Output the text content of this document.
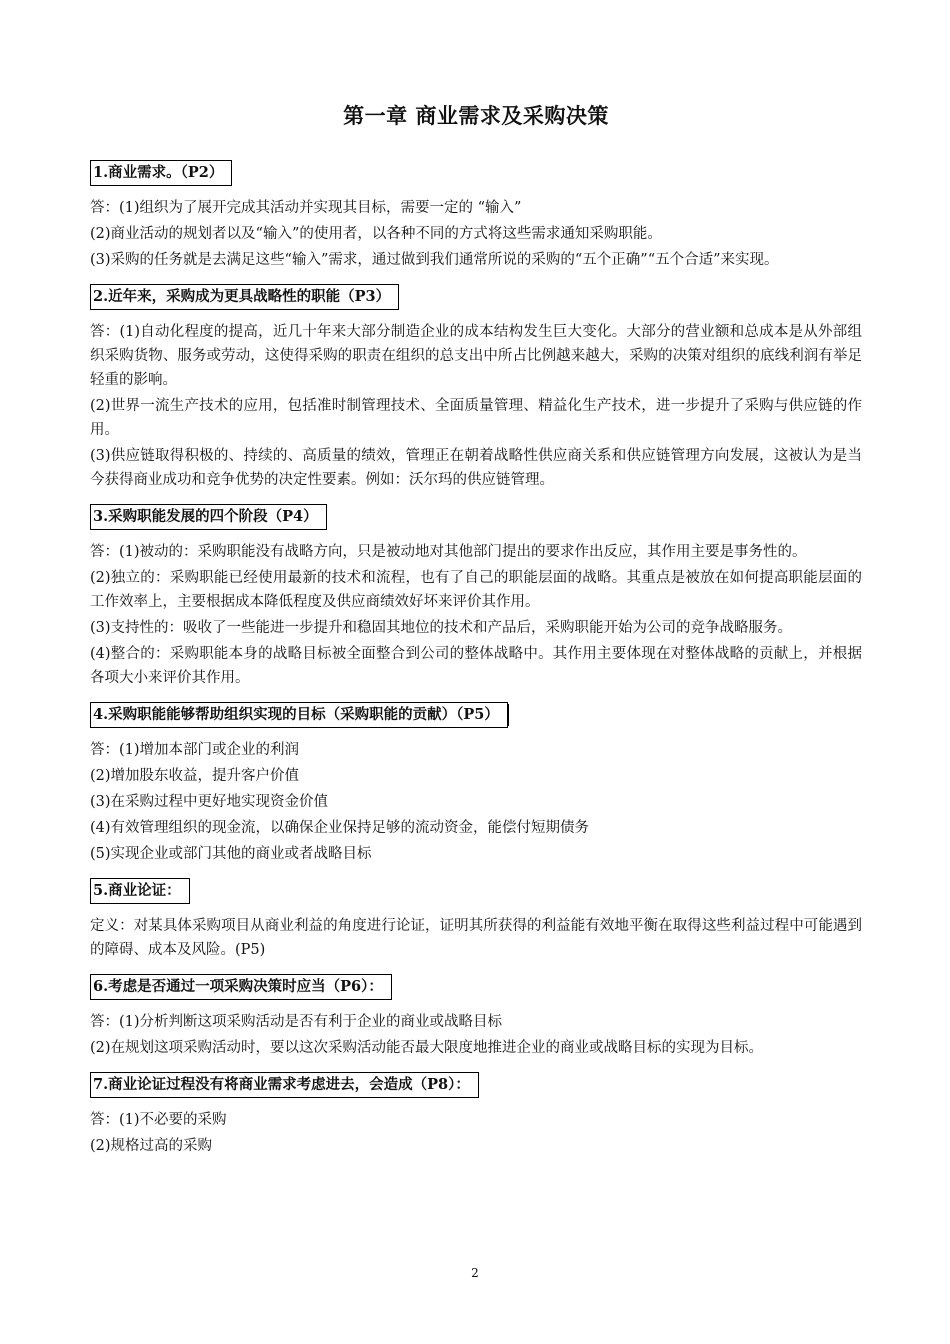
第一章 商业需求及采购决策
1.商业需求。（P2）

答：(1)组织为了展开完成其活动并实现其目标，需要一定的 “输入”

(2)商业活动的规划者以及“输入”的使用者，以各种不同的方式将这些需求通知采购职能。

(3)采购的任务就是去满足这些“输入”需求，通过做到我们通常所说的采购的“五个正确”“五个合适”来实现。

2.近年来，采购成为更具战略性的职能（P3）

答：(1)自动化程度的提高，近几十年来大部分制造企业的成本结构发生巨大变化。大部分的营业额和总成本是从外部组织采购货物、服务或劳动，这使得采购的职责在组织的总支出中所占比例越来越大，采购的决策对组织的底线利润有举足轻重的影响。

(2)世界一流生产技术的应用，包括准时制管理技术、全面质量管理、精益化生产技术，进一步提升了采购与供应链的作用。

(3)供应链取得积极的、持续的、高质量的绩效，管理正在朝着战略性供应商关系和供应链管理方向发展，这被认为是当今获得商业成功和竞争优势的决定性要素。例如：沃尔玛的供应链管理。

3.采购职能发展的四个阶段（P4）

答：(1)被动的：采购职能没有战略方向，只是被动地对其他部门提出的要求作出反应，其作用主要是事务性的。

(2)独立的：采购职能已经使用最新的技术和流程，也有了自己的职能层面的战略。其重点是被放在如何提高职能层面的工作效率上，主要根据成本降低程度及供应商绩效好坏来评价其作用。

(3)支持性的：吸收了一些能进一步提升和稳固其地位的技术和产品后，采购职能开始为公司的竞争战略服务。

(4)整合的：采购职能本身的战略目标被全面整合到公司的整体战略中。其作用主要体现在对整体战略的贡献上，并根据各项大小来评价其作用。

4.采购职能能够帮助组织实现的目标（采购职能的贡献）（P5）

答：(1)增加本部门或企业的利润

(2)增加股东收益，提升客户价值

(3)在采购过程中更好地实现资金价值

(4)有效管理组织的现金流，以确保企业保持足够的流动资金，能偿付短期债务

(5)实现企业或部门其他的商业或者战略目标

5.商业论证：

定义：对某具体采购项目从商业利益的角度进行论证，证明其所获得的利益能有效地平衡在取得这些利益过程中可能遇到的障碍、成本及风险。(P5)

6.考虑是否通过一项采购决策时应当（P6）：

答：(1)分析判断这项采购活动是否有利于企业的商业或战略目标

(2)在规划这项采购活动时，要以这次采购活动能否最大限度地推进企业的商业或战略目标的实现为目标。

7.商业论证过程没有将商业需求考虑进去，会造成（P8）：

答：(1)不必要的采购

(2)规格过高的采购

2
